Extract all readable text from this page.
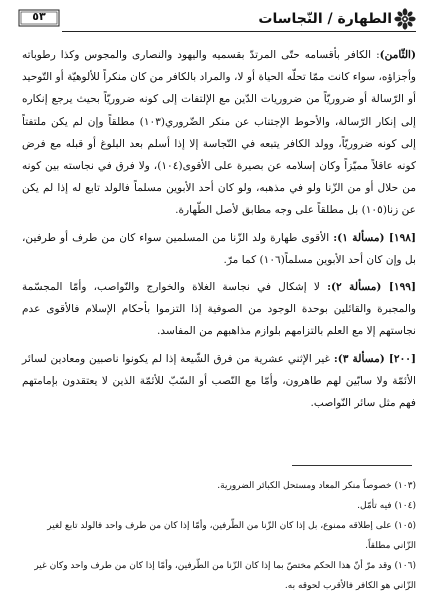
الطهارة / النّجاسات
٥٣

(الثّامن): الكافر بأقسامه حتّى المرتدّ بقسميه واليهود والنصارى والمجوس وكذا رطوباته وأجزاؤه، سواء كانت ممّا تحلّه الحياة أو لا، والمراد بالكافر من كان منكراً للألوهيّة أو التّوحيد أو الرّسالة أو ضروريّاً من ضروريات الدّين مع الإلتفات إلى كونه ضروريّاً بحيث يرجع إنكاره إلى إنكار الرّسالة، والأحوط الإجتناب عن منكر الضّروري(١٠٣) مطلقاً وإن لم يكن ملتفتاً إلى كونه ضروريّاً، وولد الكافر يتبعه في النّجاسة إلا إذا أسلم بعد البلوغ أو قبله مع فرض كونه عاقلاً مميّزاً وكان إسلامه عن بصيرة على الأقوى(١٠٤)، ولا فرق في نجاسته بين كونه من حلال أو من الزّنا ولو في مذهبه، ولو كان أحد الأبوين مسلماً فالولد تابع له إذا لم يكن عن زنا(١٠٥) بل مطلقاً على وجه مطابق لأصل الطّهارة.

[١٩٨] (مسألة ١): الأقوى طهارة ولد الزّنا من المسلمين سواء كان من طرف أو طرفين، بل وإن كان أحد الأبوين مسلماً(١٠٦) كما مرّ.

[١٩٩] (مسألة ٢): لا إشكال في نجاسة الغلاة والخوارج والنّواصب، وأمّا المجسّمة والمجبرة والقائلين بوحدة الوجود من الصوفية إذا التزموا بأحكام الإسلام فالأقوى عدم نجاستهم إلا مع العلم بالتزامهم بلوازم مذاهبهم من المفاسد.

[٢٠٠] (مسألة ٣): غير الإثني عشرية من فرق الشّيعة إذا لم يكونوا ناصبين ومعادين لسائر الأئمّة ولا سابّين لهم طاهرون، وأمّا مع النّصب أو السّبّ للأئمّة الذين لا يعتقدون بإمامتهم فهم مثل سائر النّواصب.

(١٠٣) خصوصاً منكر المعاد ومستحل الكبائر الضرورية.

(١٠٤) فيه تأمّل.

(١٠٥) على إطلاقه ممنوع، بل إذا كان الزّنا من الطّرفين، وأمّا إذا كان من طرف واحد فالولد تابع لغير الزّاني مطلقاً.

(١٠٦) وقد مرّ أنّ هذا الحكم مختصّ بما إذا كان الزّنا من الطّرفين، وأمّا إذا كان من طرف واحد وكان غير الزّاني هو الكافر فالأقرب لحوقه به.
